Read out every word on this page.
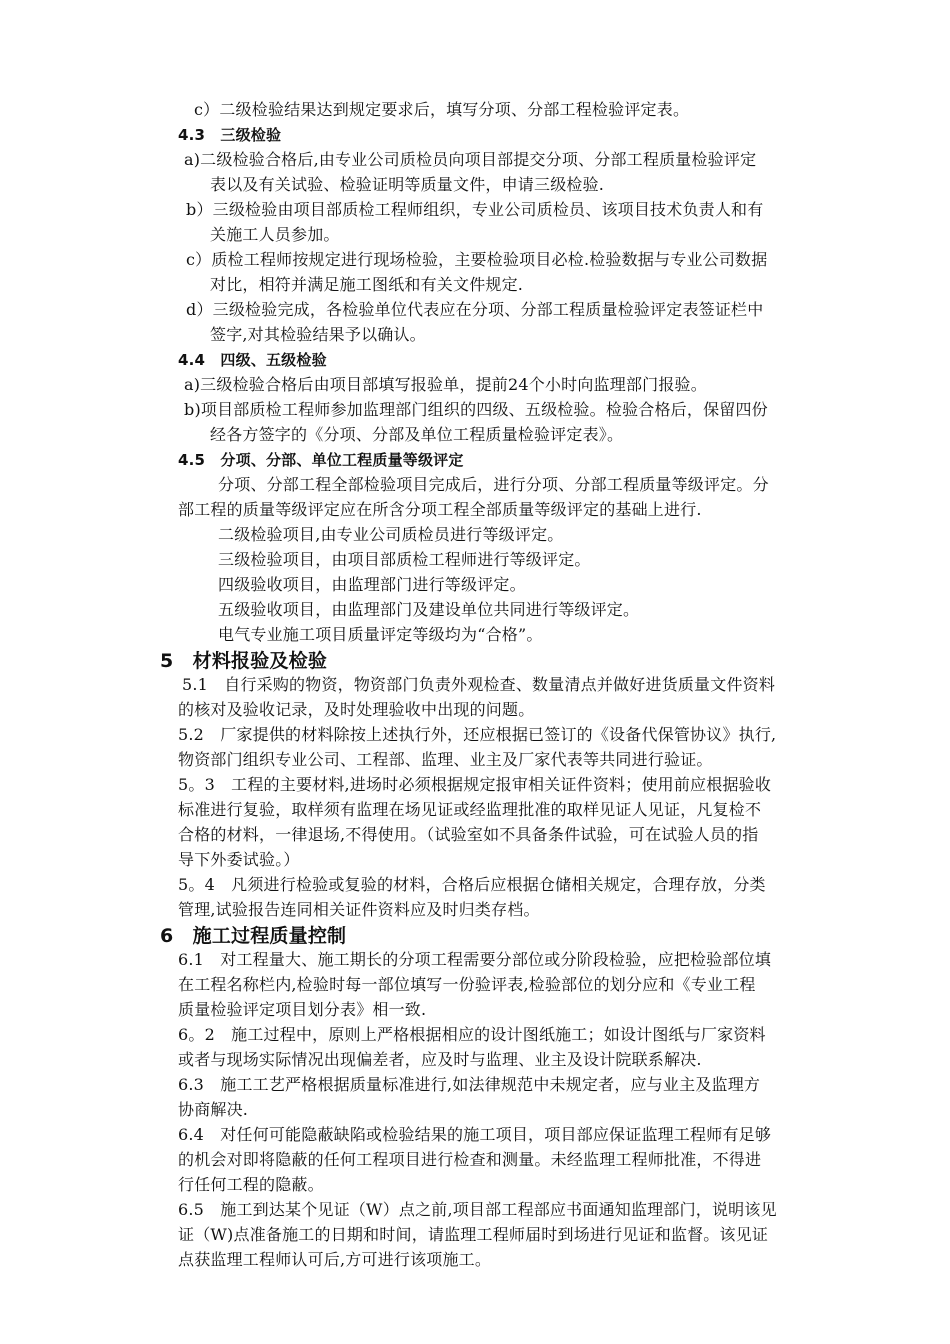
c）二级检验结果达到规定要求后，填写分项、分部工程检验评定表。
4.3　三级检验
a)二级检验合格后,由专业公司质检员向项目部提交分项、分部工程质量检验评定
表以及有关试验、检验证明等质量文件，申请三级检验.
b）三级检验由项目部质检工程师组织，专业公司质检员、该项目技术负责人和有
关施工人员参加。
c）质检工程师按规定进行现场检验，主要检验项目必检.检验数据与专业公司数据
对比，相符并满足施工图纸和有关文件规定.
d）三级检验完成，各检验单位代表应在分项、分部工程质量检验评定表签证栏中
签字,对其检验结果予以确认。
4.4　四级、五级检验
a)三级检验合格后由项目部填写报验单，提前24个小时向监理部门报验。
b)项目部质检工程师参加监理部门组织的四级、五级检验。检验合格后，保留四份
经各方签字的《分项、分部及单位工程质量检验评定表》。
4.5　分项、分部、单位工程质量等级评定
分项、分部工程全部检验项目完成后，进行分项、分部工程质量等级评定。分
部工程的质量等级评定应在所含分项工程全部质量等级评定的基础上进行.
二级检验项目,由专业公司质检员进行等级评定。
三级检验项目，由项目部质检工程师进行等级评定。
四级验收项目，由监理部门进行等级评定。
五级验收项目，由监理部门及建设单位共同进行等级评定。
电气专业施工项目质量评定等级均为“合格”。
5　材料报验及检验
5.1　自行采购的物资，物资部门负责外观检查、数量清点并做好进货质量文件资料
的核对及验收记录，及时处理验收中出现的问题。
5.2　厂家提供的材料除按上述执行外，还应根据已签订的《设备代保管协议》执行,
物资部门组织专业公司、工程部、监理、业主及厂家代表等共同进行验证。
5。3　工程的主要材料,进场时必须根据规定报审相关证件资料；使用前应根据验收
标准进行复验，取样须有监理在场见证或经监理批准的取样见证人见证，凡复检不
合格的材料，一律退场,不得使用。（试验室如不具备条件试验，可在试验人员的指
导下外委试验。）
5。4　凡须进行检验或复验的材料，合格后应根据仓储相关规定，合理存放，分类
管理,试验报告连同相关证件资料应及时归类存档。
6　施工过程质量控制
6.1　对工程量大、施工期长的分项工程需要分部位或分阶段检验，应把检验部位填
在工程名称栏内,检验时每一部位填写一份验评表,检验部位的划分应和《专业工程
质量检验评定项目划分表》相一致.
6。2　施工过程中，原则上严格根据相应的设计图纸施工；如设计图纸与厂家资料
或者与现场实际情况出现偏差者，应及时与监理、业主及设计院联系解决.
6.3　施工工艺严格根据质量标准进行,如法律规范中未规定者，应与业主及监理方
协商解决.
6.4　对任何可能隐蔽缺陷或检验结果的施工项目，项目部应保证监理工程师有足够
的机会对即将隐蔽的任何工程项目进行检查和测量。未经监理工程师批准，不得进
行任何工程的隐蔽。
6.5　施工到达某个见证（W）点之前,项目部工程部应书面通知监理部门，说明该见
证（W)点准备施工的日期和时间，请监理工程师届时到场进行见证和监督。该见证
点获监理工程师认可后,方可进行该项施工。
